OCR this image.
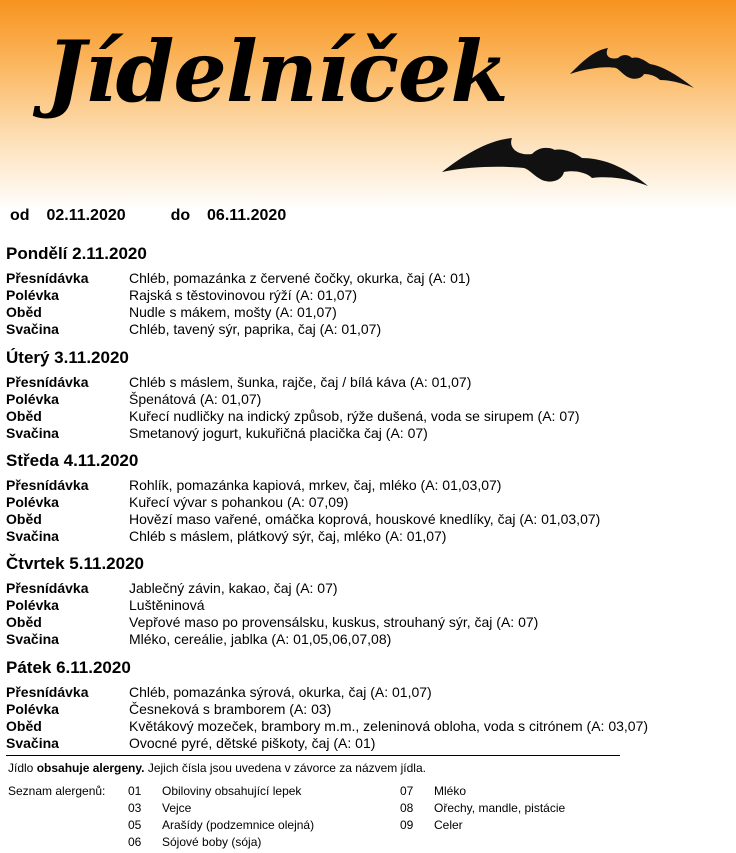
Jídelníček
od 02.11.2020	do 06.11.2020
Pondělí 2.11.2020
Přesnídávka	Chléb, pomazánka z červené čočky, okurka, čaj (A: 01)
Polévka	Rajská s těstovinovou rýží (A: 01,07)
Oběd	Nudle s mákem, mošty (A: 01,07)
Svačina	Chléb, tavený sýr, paprika, čaj (A: 01,07)
Úterý 3.11.2020
Přesnídávka	Chléb s máslem, šunka, rajče, čaj / bílá káva (A: 01,07)
Polévka	Špenátová (A: 01,07)
Oběd	Kuřecí nudličky na indický způsob, rýže dušená, voda se sirupem (A: 07)
Svačina	Smetanový jogurt, kukuřičná placička čaj (A: 07)
Středa 4.11.2020
Přesnídávka	Rohlík, pomazánka kapiová, mrkev, čaj, mléko (A: 01,03,07)
Polévka	Kuřecí vývar s pohankou (A: 07,09)
Oběd	Hovězí maso vařené, omáčka koprová, houskové knedlíky, čaj (A: 01,03,07)
Svačina	Chléb s máslem, plátkový sýr, čaj, mléko (A: 01,07)
Čtvrtek 5.11.2020
Přesnídávka	Jablečný závin, kakao, čaj (A: 07)
Polévka	Luštěninová
Oběd	Vepřové maso po provensálsku, kuskus, strouhaný sýr, čaj (A: 07)
Svačina	Mléko, cereálie, jablka (A: 01,05,06,07,08)
Pátek 6.11.2020
Přesnídávka	Chléb, pomazánka sýrová, okurka, čaj (A: 01,07)
Polévka	Česneková s bramborem (A: 03)
Oběd	Květákový mozeček, brambory m.m., zeleninová obloha, voda s citrónem (A: 03,07)
Svačina	Ovocné pyré, dětské piškoty, čaj (A: 01)
Jídlo obsahuje alergeny. Jejich čísla jsou uvedena v závorce za názvem jídla.
Seznam alergenů: 01	Obiloviny obsahující lepek
03	Vejce
05	Arašídy (podzemnice olejná)
06	Sójové boby (sója)
07	Mléko
08	Ořechy, mandle, pistácie
09	Celer
